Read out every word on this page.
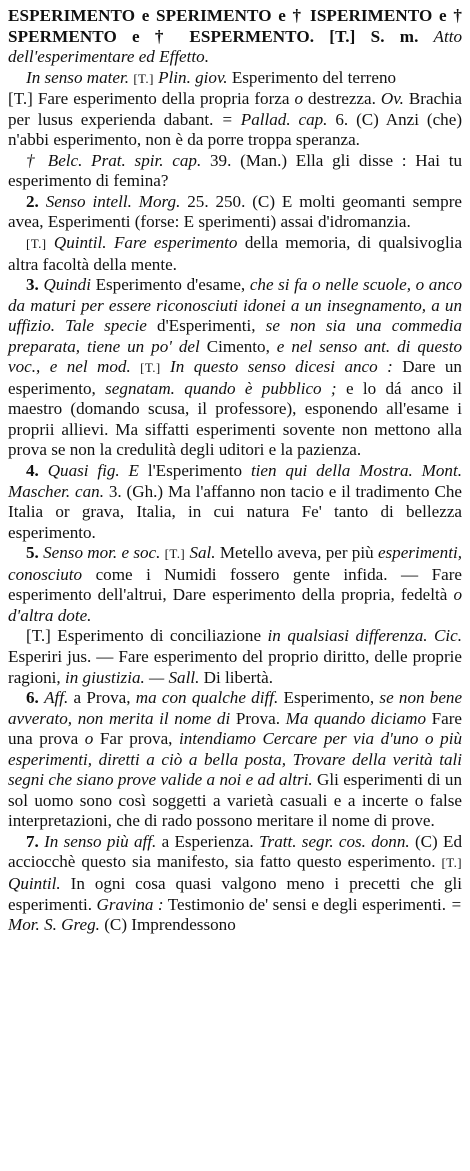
ESPERIMENTO e SPERIMENTO e † ISPERIMENTO e † SPERMENTO e † ESPERMENTO. [T.] S. m. Atto dell'esperimentare ed Effetto.

In senso mater. [T.] Plin. giov. Esperimento del terreno

[T.] Fare esperimento della propria forza o destrezza. Ov. Brachia per lusus experienda dabant. = Pallad. cap. 6. (C) Anzi (che) n'abbi esperimento, non è da porre troppa speranza.

† Belc. Prat. spir. cap. 39. (Man.) Ella gli disse : Hai tu esperimento di femina?

2. Senso intell. Morg. 25. 250. (C) E molti geomanti sempre avea, Esperimenti (forse: E sperimenti) assai d'idromanzia.

[T.] Quintil. Fare esperimento della memoria, di qualsivoglia altra facoltà della mente.

3. Quindi Esperimento d'esame, che si fa o nelle scuole, o anco da maturi per essere riconosciuti idonei a un insegnamento, a un uffizio. Tale specie d'Esperimenti, se non sia una commedia preparata, tiene un po' del Cimento, e nel senso ant. di questo voc., e nel mod. [T.] In questo senso dicesi anco : Dare un esperimento, segnatam. quando è pubblico ; e lo dá anco il maestro (domando scusa, il professore), esponendo all'esame i proprii allievi. Ma siffatti esperimenti sovente non mettono alla prova se non la credulità degli uditori e la pazienza.

4. Quasi fig. E l'Esperimento tien qui della Mostra. Mont. Mascher. can. 3. (Gh.) Ma l'affanno non tacio e il tradimento Che Italia or grava, Italia, in cui natura Fe' tanto di bellezza esperimento.

5. Senso mor. e soc. [T.] Sal. Metello aveva, per più esperimenti, conosciuto come i Numidi fossero gente infida. — Fare esperimento dell'altrui, Dare esperimento della propria, fedeltà o d'altra dote.

[T.] Esperimento di conciliazione in qualsiasi differenza. Cic. Esperiri jus. — Fare esperimento del proprio diritto, delle proprie ragioni, in giustizia. — Sall. Di libertà.

6. Aff. a Prova, ma con qualche diff. Esperimento, se non bene avverato, non merita il nome di Prova. Ma quando diciamo Fare una prova o Far prova, intendiamo Cercare per via d'uno o più esperimenti, diretti a ciò a bella posta, Trovare della verità tali segni che siano prove valide a noi e ad altri. Gli esperimenti di un sol uomo sono così soggetti a varietà casuali e a incerte o false interpretazioni, che di rado possono meritare il nome di prove.

7. In senso più aff. a Esperienza. Tratt. segr. cos. donn. (C) Ed acciocchè questo sia manifesto, sia fatto questo esperimento. [T.] Quintil. In ogni cosa quasi valgono meno i precetti che gli esperimenti. Gravina : Testimonio de' sensi e degli esperimenti. = Mor. S. Greg. (C) Imprendessono
